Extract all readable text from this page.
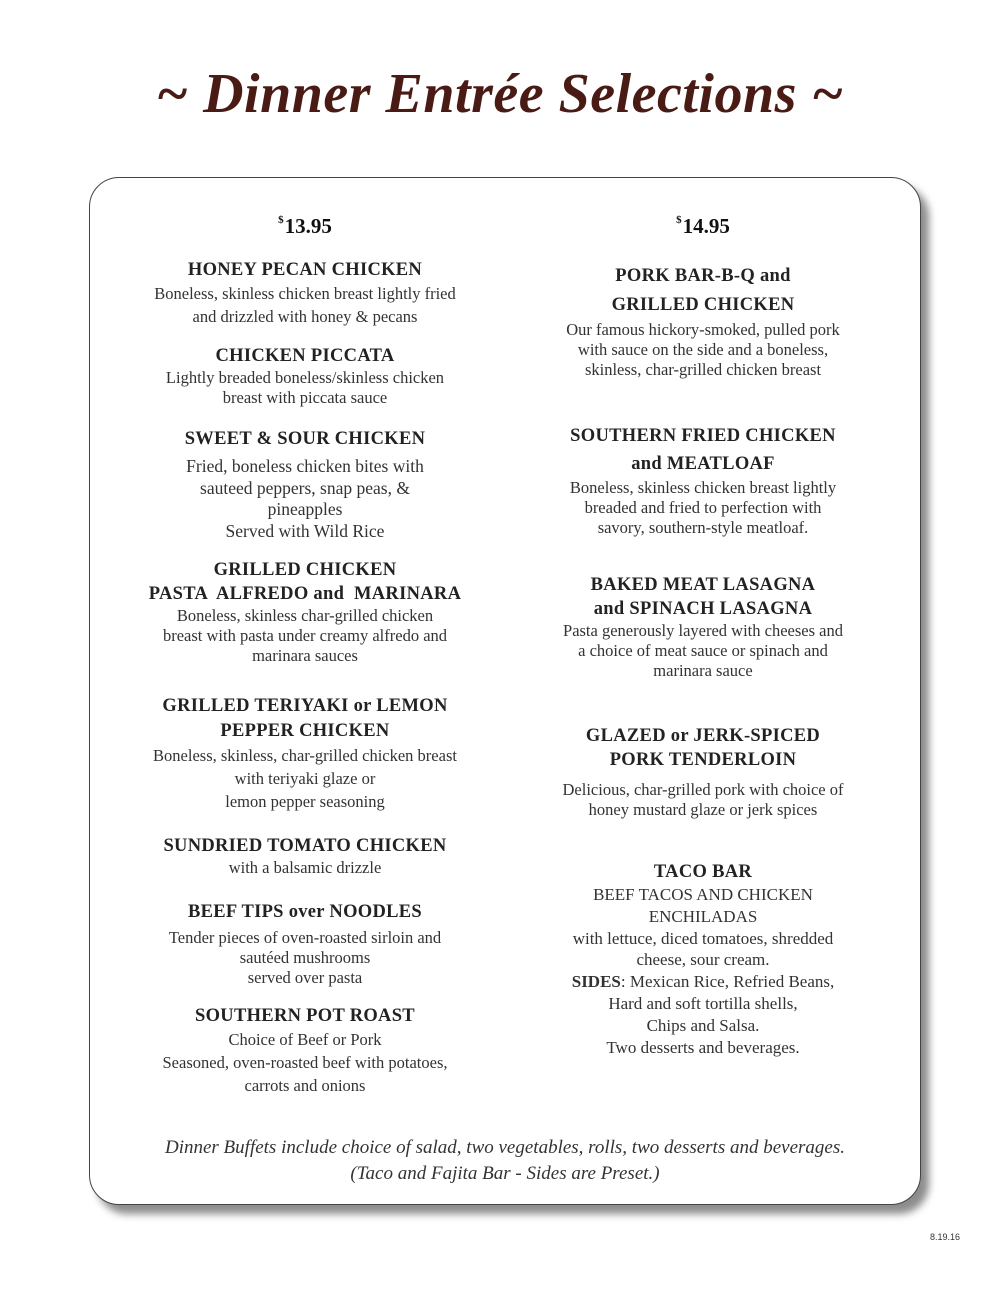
~ Dinner Entrée Selections ~
$13.95
HONEY PECAN CHICKEN
Boneless, skinless chicken breast lightly fried
and drizzled with honey & pecans
CHICKEN PICCATA
Lightly breaded boneless/skinless chicken
breast with piccata sauce
SWEET & SOUR CHICKEN
Fried, boneless chicken bites with
sauteed peppers, snap peas, &
pineapples
Served with Wild Rice
GRILLED CHICKEN
PASTA  ALFREDO and  MARINARA
Boneless, skinless char-grilled chicken
breast with pasta under creamy alfredo and
marinara sauces
GRILLED TERIYAKI or LEMON
PEPPER CHICKEN
Boneless, skinless, char-grilled chicken breast
with teriyaki glaze or
lemon pepper seasoning
SUNDRIED TOMATO CHICKEN
with a balsamic drizzle
BEEF TIPS over NOODLES
Tender pieces of oven-roasted sirloin and
sautéed mushrooms
served over pasta
SOUTHERN POT ROAST
Choice of Beef or Pork
Seasoned, oven-roasted beef with potatoes,
carrots and onions
$14.95
PORK BAR-B-Q and
GRILLED CHICKEN
Our famous hickory-smoked, pulled pork
with sauce on the side and a boneless,
skinless, char-grilled chicken breast
SOUTHERN FRIED CHICKEN
and MEATLOAF
Boneless, skinless chicken breast lightly
breaded and fried to perfection with
savory, southern-style meatloaf.
BAKED MEAT LASAGNA
and SPINACH LASAGNA
Pasta generously layered with cheeses and
a choice of meat sauce or spinach and
marinara sauce
GLAZED or JERK-SPICED
PORK TENDERLOIN
Delicious, char-grilled pork with choice of
honey mustard glaze or jerk spices
TACO BAR
BEEF TACOS AND CHICKEN
ENCHILADAS
with lettuce, diced tomatoes, shredded
cheese, sour cream.
SIDES: Mexican Rice, Refried Beans,
Hard and soft tortilla shells,
Chips and Salsa.
Two desserts and beverages.
Dinner Buffets include choice of salad, two vegetables, rolls, two desserts and beverages.
(Taco and Fajita Bar - Sides are Preset.)
8.19.16
